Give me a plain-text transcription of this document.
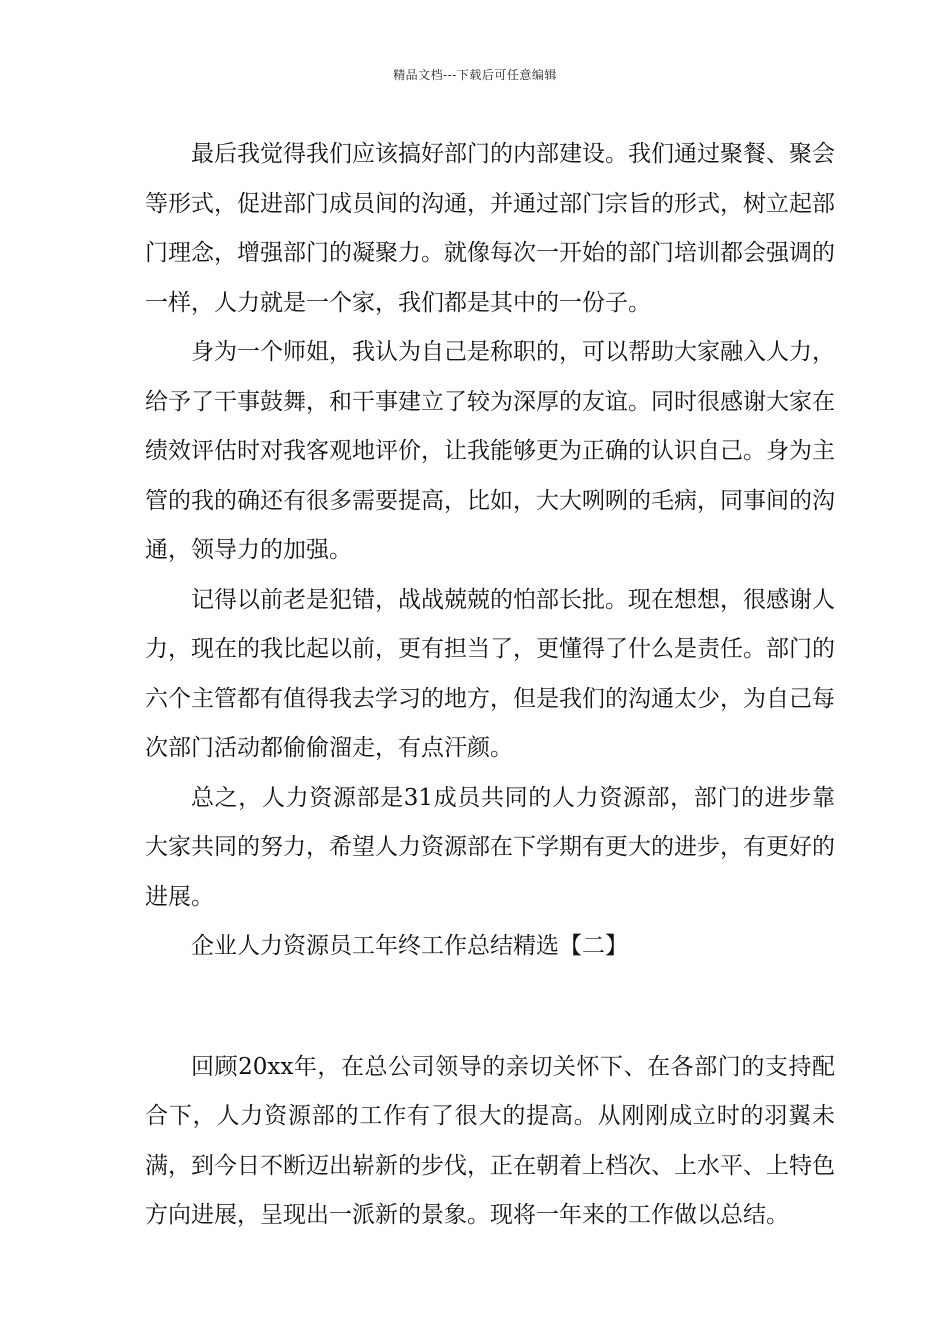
精品文档---下载后可任意编辑

最后我觉得我们应该搞好部门的内部建设。我们通过聚餐、聚会等形式，促进部门成员间的沟通，并通过部门宗旨的形式，树立起部门理念，增强部门的凝聚力。就像每次一开始的部门培训都会强调的一样，人力就是一个家，我们都是其中的一份子。

身为一个师姐，我认为自己是称职的，可以帮助大家融入人力，给予了干事鼓舞，和干事建立了较为深厚的友谊。同时很感谢大家在绩效评估时对我客观地评价，让我能够更为正确的认识自己。身为主管的我的确还有很多需要提高，比如，大大咧咧的毛病，同事间的沟通，领导力的加强。

记得以前老是犯错，战战兢兢的怕部长批。现在想想，很感谢人力，现在的我比起以前，更有担当了，更懂得了什么是责任。部门的六个主管都有值得我去学习的地方，但是我们的沟通太少，为自己每次部门活动都偷偷溜走，有点汗颜。

总之，人力资源部是31成员共同的人力资源部，部门的进步靠大家共同的努力，希望人力资源部在下学期有更大的进步，有更好的进展。

企业人力资源员工年终工作总结精选【二】

回顾20xx年，在总公司领导的亲切关怀下、在各部门的支持配合下，人力资源部的工作有了很大的提高。从刚刚成立时的羽翼未满，到今日不断迈出崭新的步伐，正在朝着上档次、上水平、上特色方向进展，呈现出一派新的景象。现将一年来的工作做以总结。
